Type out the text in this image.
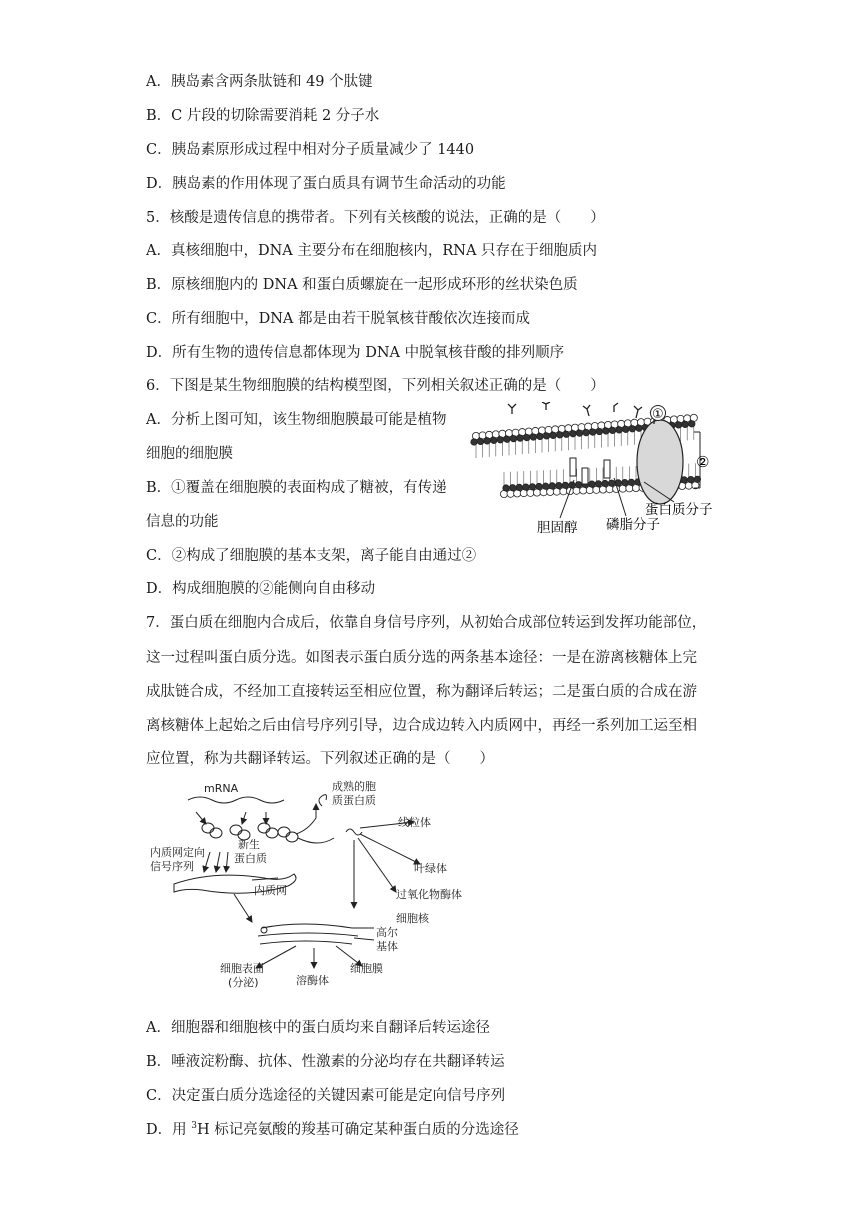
A．胰岛素含两条肽链和 49 个肽键
B．C 片段的切除需要消耗 2 分子水
C．胰岛素原形成过程中相对分子质量减少了 1440
D．胰岛素的作用体现了蛋白质具有调节生命活动的功能
5．核酸是遗传信息的携带者。下列有关核酸的说法，正确的是（　　）
A．真核细胞中，DNA 主要分布在细胞核内，RNA 只存在于细胞质内
B．原核细胞内的 DNA 和蛋白质螺旋在一起形成环形的丝状染色质
C．所有细胞中，DNA 都是由若干脱氧核苷酸依次连接而成
D．所有生物的遗传信息都体现为 DNA 中脱氧核苷酸的排列顺序
6．下图是某生物细胞膜的结构模型图，下列相关叙述正确的是（　　）
A．分析上图可知，该生物细胞膜最可能是植物
细胞的细胞膜
B．①覆盖在细胞膜的表面构成了糖被，有传递
信息的功能
C．②构成了细胞膜的基本支架，离子能自由通过②
D．构成细胞膜的②能侧向自由移动
①
②
蛋白质分子
胆固醇 磷脂分子
7．蛋白质在细胞内合成后，依靠自身信号序列，从初始合成部位转运到发挥功能部位，
这一过程叫蛋白质分选。如图表示蛋白质分选的两条基本途径：一是在游离核糖体上完
成肽链合成，不经加工直接转运至相应位置，称为翻译后转运；二是蛋白质的合成在游
离核糖体上起始之后由信号序列引导，边合成边转入内质网中，再经一系列加工运至相
应位置，称为共翻译转运。下列叙述正确的是（　　）
mRNA	成熟的胞
质蛋白质
新生
蛋白质
内质网定向
信号序列
内质网
线粒体
叶绿体
过氧化物酶体
细胞核
高尔
基体
细胞表面
(分泌)	溶酶体
细胞膜
A．细胞器和细胞核中的蛋白质均来自翻译后转运途径
B．唾液淀粉酶、抗体、性激素的分泌均存在共翻译转运
C．决定蛋白质分选途径的关键因素可能是定向信号序列
D．用 $^3$H 标记亮氨酸的羧基可确定某种蛋白质的分选途径
